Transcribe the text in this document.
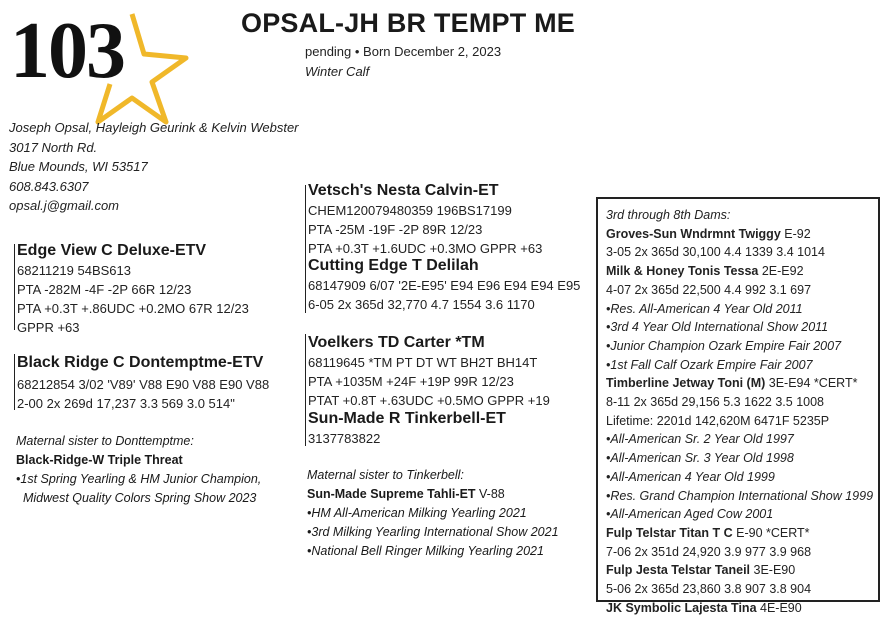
103	OPSAL-JH BR TEMPT ME
pending • Born December 2, 2023
Winter Calf
Joseph Opsal, Hayleigh Geurink & Kelvin Webster
3017 North Rd.
Blue Mounds, WI 53517
608.843.6307
opsal.j@gmail.com
Edge View C Deluxe-ETV
68211219 54BS613
PTA -282M -4F -2P 66R 12/23
PTA +0.3T +.86UDC +0.2MO 67R 12/23
GPPR +63
Black Ridge C Dontemptme-ETV
68212854 3/02 'V89' V88 E90 V88 E90 V88
2-00 2x 269d 17,237 3.3 569 3.0 514"
Maternal sister to Donttemptme:
Black-Ridge-W Triple Threat
•1st Spring Yearling & HM Junior Champion,
Midwest Quality Colors Spring Show 2023
Vetsch's Nesta Calvin-ET
CHEM120079480359 196BS17199
PTA -25M -19F -2P 89R 12/23
PTA +0.3T +1.6UDC +0.3MO GPPR +63
Cutting Edge T Delilah
68147909 6/07 '2E-E95' E94 E96 E94 E94 E95
6-05 2x 365d 32,770 4.7 1554 3.6 1170
Voelkers TD Carter *TM
68119645 *TM PT DT WT BH2T BH14T
PTA +1035M +24F +19P 99R 12/23
PTAT +0.8T +.63UDC +0.5MO GPPR +19
Sun-Made R Tinkerbell-ET
3137783822
Maternal sister to Tinkerbell:
Sun-Made Supreme Tahli-ET V-88
•HM All-American Milking Yearling 2021
•3rd Milking Yearling International Show 2021
•National Bell Ringer Milking Yearling 2021
3rd through 8th Dams:
Groves-Sun Wndrmnt Twiggy E-92
3-05 2x 365d 30,100 4.4 1339 3.4 1014
Milk & Honey Tonis Tessa 2E-E92
4-07 2x 365d 22,500 4.4 992 3.1 697
•Res. All-American 4 Year Old 2011
•3rd 4 Year Old International Show 2011
•Junior Champion Ozark Empire Fair 2007
•1st Fall Calf Ozark Empire Fair 2007
Timberline Jetway Toni (M) 3E-E94 *CERT*
8-11 2x 365d 29,156 5.3 1622 3.5 1008
Lifetime: 2201d 142,620M 6471F 5235P
•All-American Sr. 2 Year Old 1997
•All-American Sr. 3 Year Old 1998
•All-American 4 Year Old 1999
•Res. Grand Champion International Show 1999
•All-American Aged Cow 2001
Fulp Telstar Titan T C E-90 *CERT*
7-06 2x 351d 24,920 3.9 977 3.9 968
Fulp Jesta Telstar Taneil 3E-E90
5-06 2x 365d 23,860 3.8 907 3.8 904
JK Symbolic Lajesta Tina 4E-E90
